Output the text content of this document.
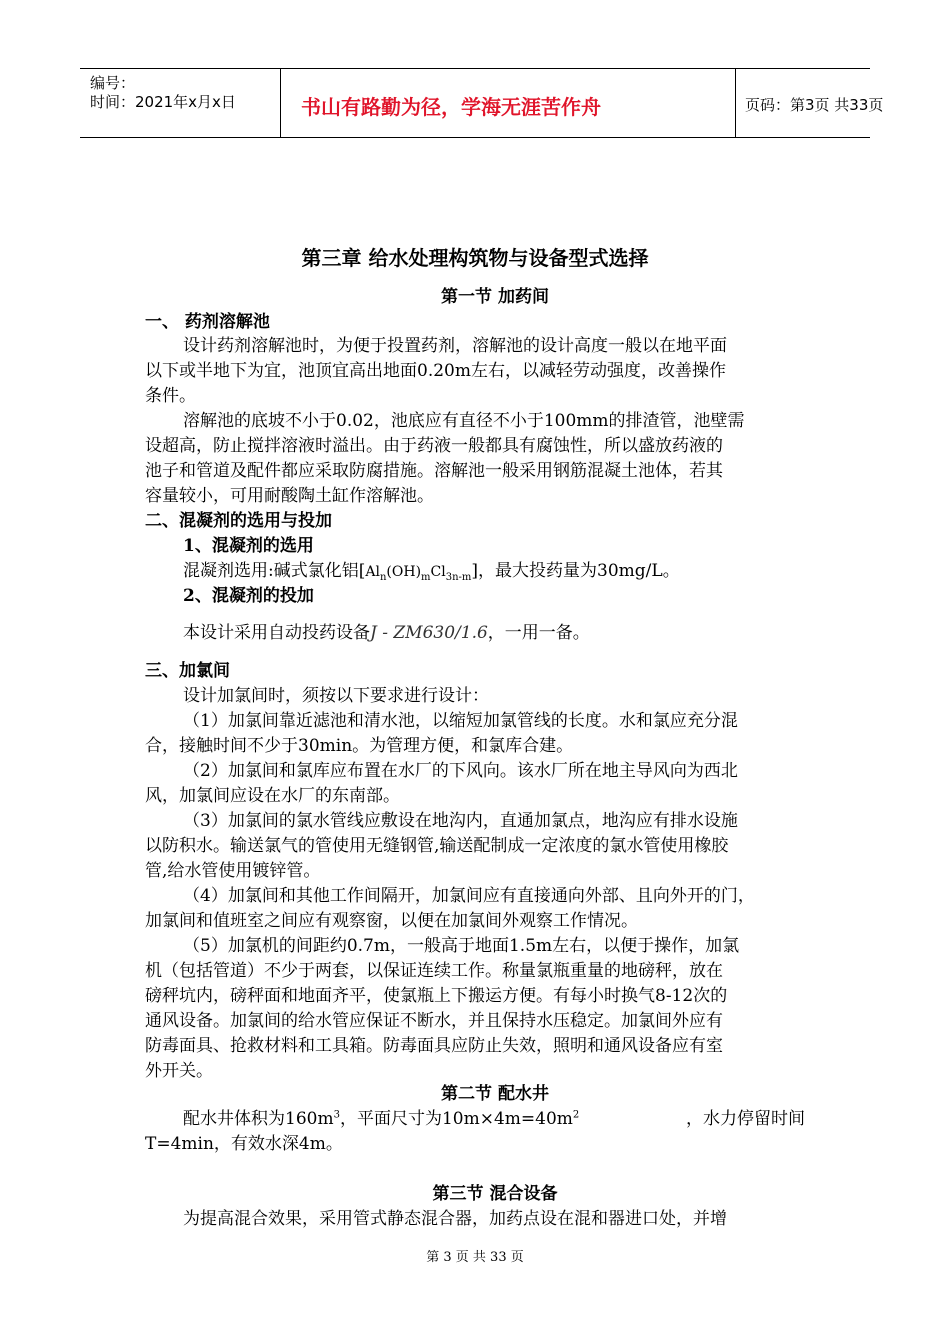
编号：
时间：2021年x月x日	书山有路勤为径，学海无涯苦作舟	页码：第3页 共33页
第三章 给水处理构筑物与设备型式选择
第一节 加药间
一、 药剂溶解池
设计药剂溶解池时，为便于投置药剂，溶解池的设计高度一般以在地平面
以下或半地下为宜，池顶宜高出地面0.20m左右，以减轻劳动强度，改善操作
条件。
溶解池的底坡不小于0.02，池底应有直径不小于100mm的排渣管，池壁需
设超高，防止搅拌溶液时溢出。由于药液一般都具有腐蚀性，所以盛放药液的
池子和管道及配件都应采取防腐措施。溶解池一般采用钢筋混凝土池体，若其
容量较小，可用耐酸陶土缸作溶解池。
二、混凝剂的选用与投加
1、混凝剂的选用
混凝剂选用:碱式氯化铝$[Al_n(OH)_mCl_{3n-m}]$，最大投药量为30mg/L。
2、混凝剂的投加
本设计采用自动投药设备J - ZM630/1.6，一用一备。
三、加氯间
设计加氯间时，须按以下要求进行设计：
（1）加氯间靠近滤池和清水池，以缩短加氯管线的长度。水和氯应充分混
合，接触时间不少于30min。为管理方便，和氯库合建。
（2）加氯间和氯库应布置在水厂的下风向。该水厂所在地主导风向为西北
风，加氯间应设在水厂的东南部。
（3）加氯间的氯水管线应敷设在地沟内，直通加氯点，地沟应有排水设施
以防积水。输送氯气的管使用无缝钢管,输送配制成一定浓度的氯水管使用橡胶
管,给水管使用镀锌管。
（4）加氯间和其他工作间隔开，加氯间应有直接通向外部、且向外开的门，
加氯间和值班室之间应有观察窗，以便在加氯间外观察工作情况。
（5）加氯机的间距约0.7m，一般高于地面1.5m左右，以便于操作，加氯
机（包括管道）不少于两套，以保证连续工作。称量氯瓶重量的地磅秤，放在
磅秤坑内，磅秤面和地面齐平，使氯瓶上下搬运方便。有每小时换气8-12次的
通风设备。加氯间的给水管应保证不断水，并且保持水压稳定。加氯间外应有
防毒面具、抢救材料和工具箱。防毒面具应防止失效，照明和通风设备应有室
外开关。
第二节 配水井
配水井体积为$160m^3$，平面尺寸为$10m\times 4m=40m^2$	，水力停留时间
T=4min，有效水深4m。
第三节 混合设备
为提高混合效果，采用管式静态混合器，加药点设在混和器进口处，并增
第 3 页 共 33 页
